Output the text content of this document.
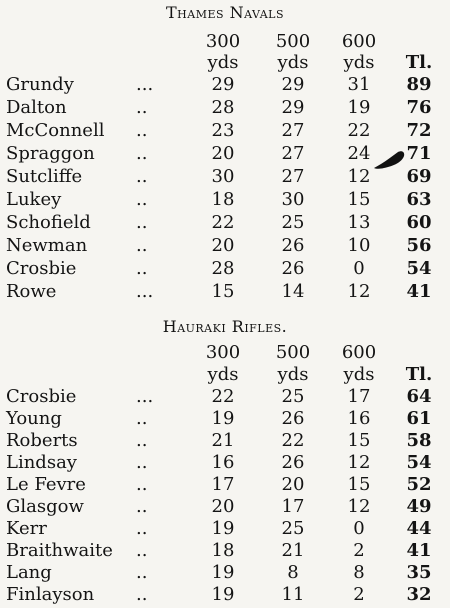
Thames Navals
300	500	600
yds	yds	yds	Tl.
Grundy	...	29	29	31	89
Dalton	..	28	29	19	76
McConnell ..	23	27	22	72
Spraggon ..	20	27	24	71
Sutcliffe	..	30	27	12	69
Lukey	..	18	30	15	63
Schofield	..	22	25	13	60
Newman	..	20	26	10	56
Crosbie	..	28	26	0	54
Rowe	...	15	14	12	41
Hauraki Rifles.
300	500	600
yds	yds	yds	Tl.
Crosbie	...	22	25	17	64
Young	..	19	26	16	61
Roberts	..	21	22	15	58
Lindsay	..	16	26	12	54
Le Fevre	..	17	20	15	52
Glasgow	..	20	17	12	49
Kerr	..	19	25	0	44
Braithwaite ..	18	21	2	41
Lang	..	19	8	8	35
Finlayson ..	19	11	2	32
